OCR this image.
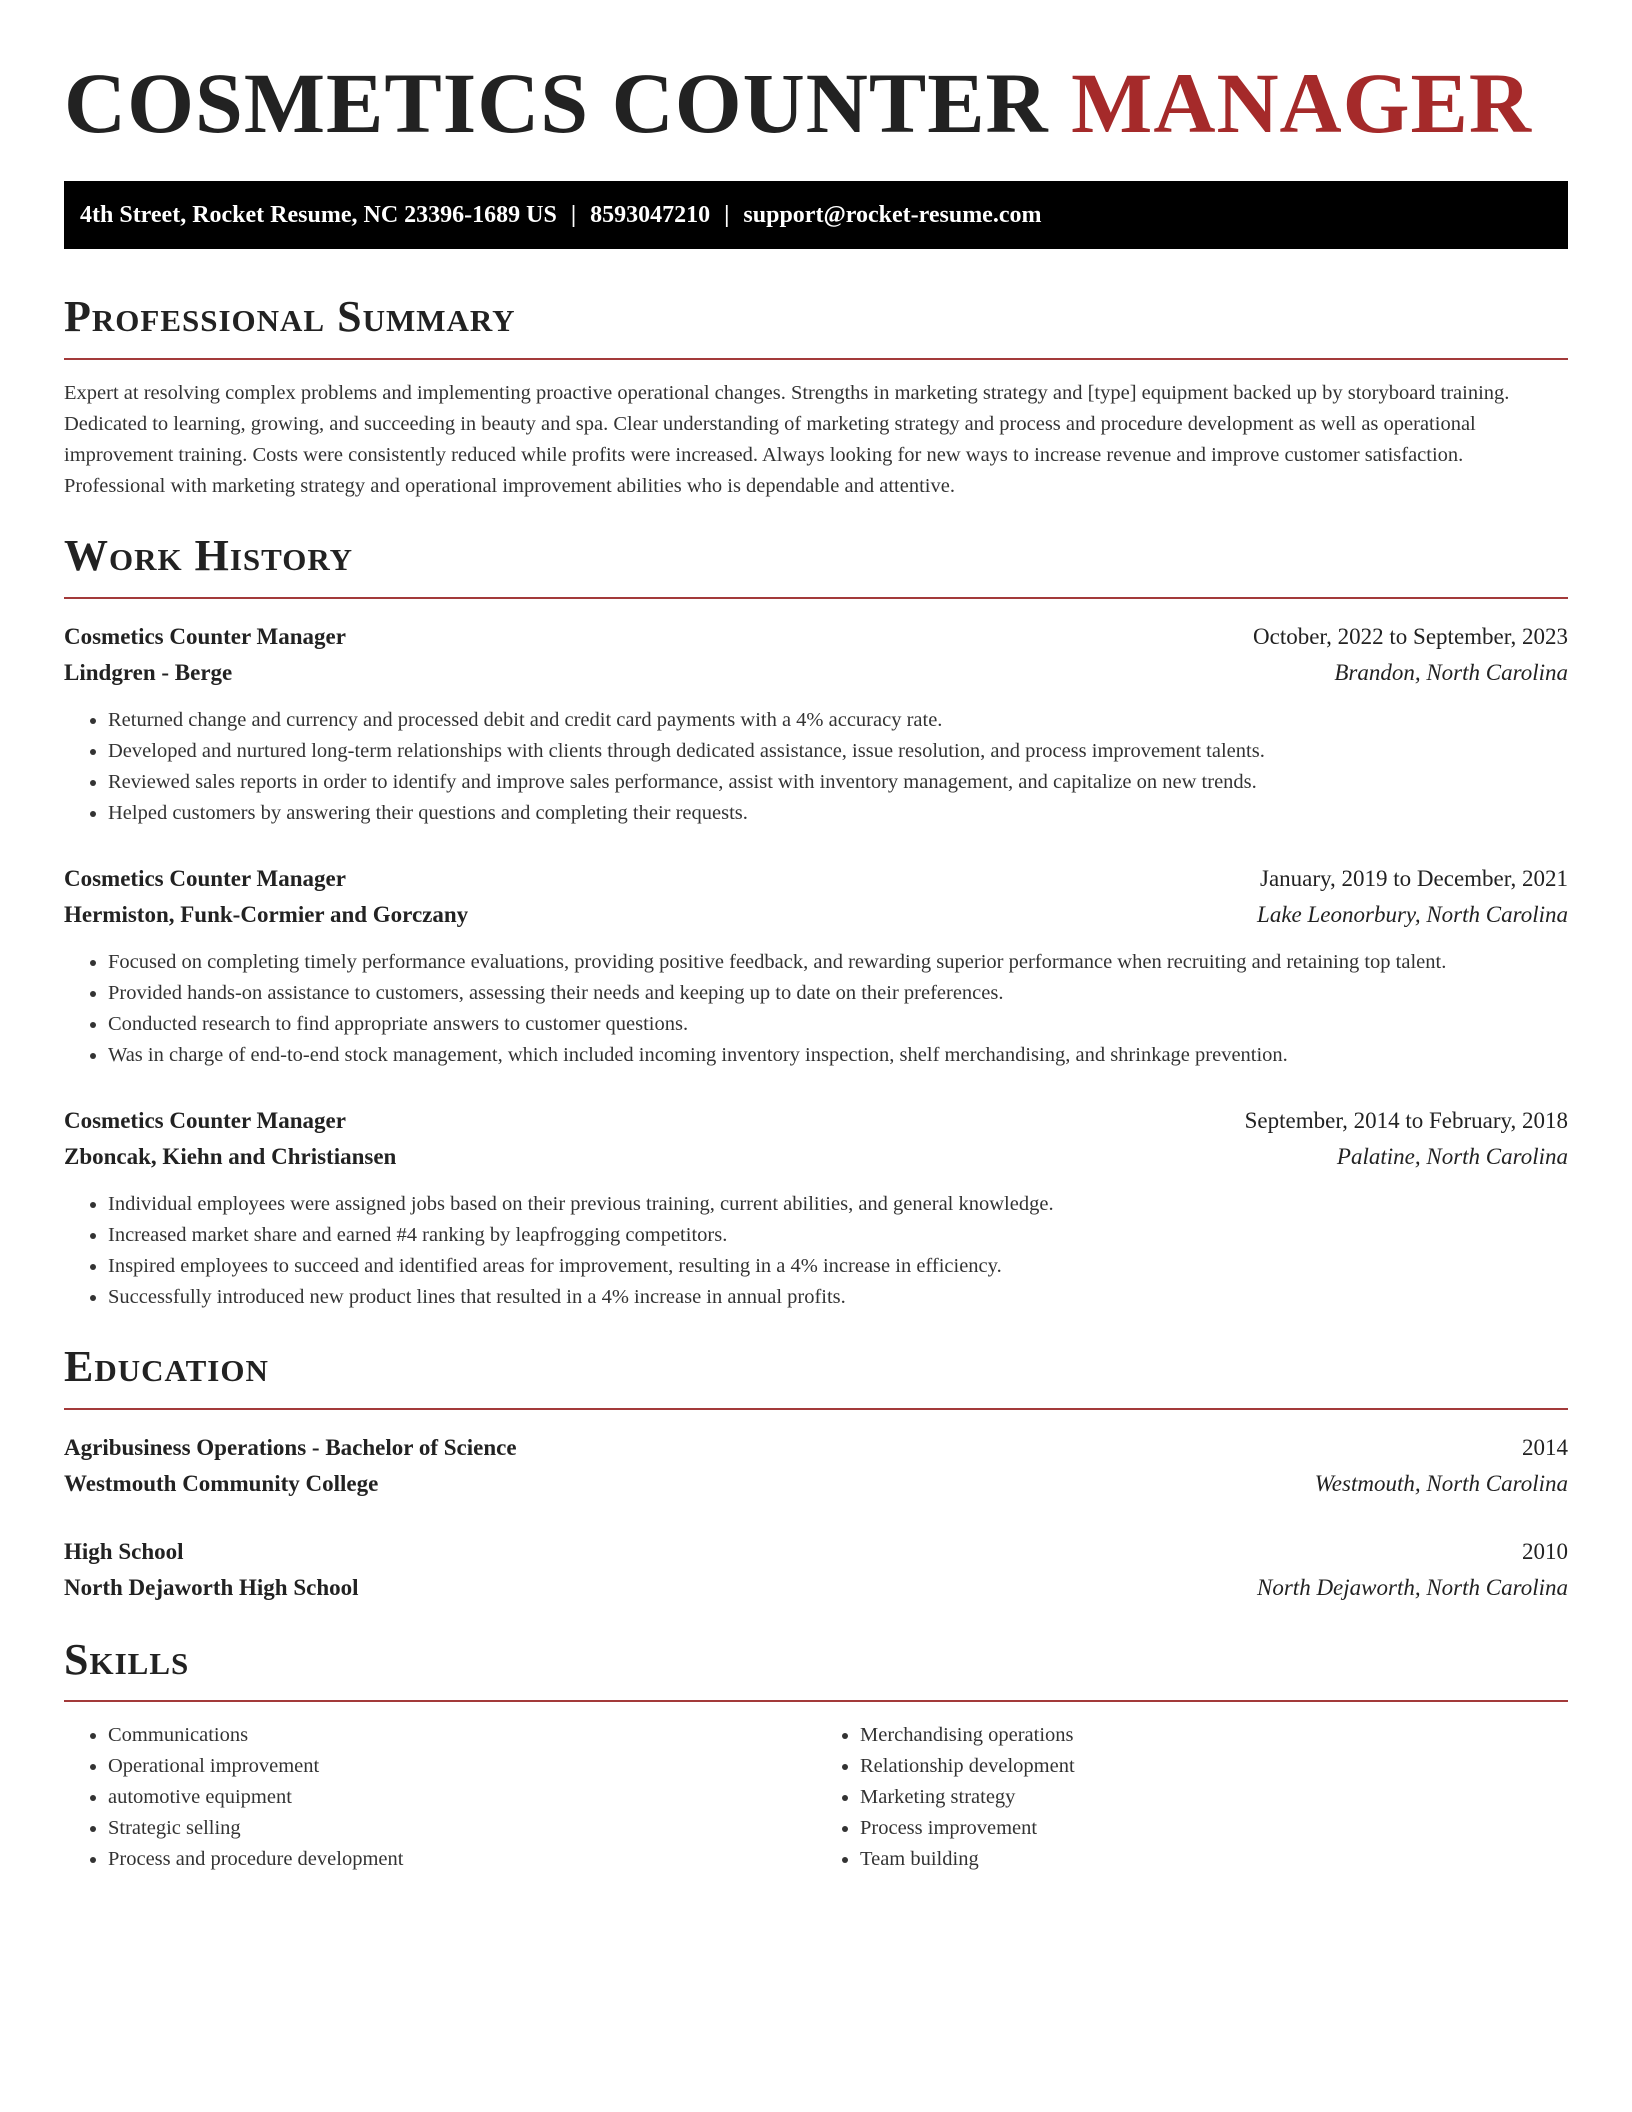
COSMETICS COUNTER MANAGER
4th Street, Rocket Resume, NC 23396-1689 US | 8593047210 | support@rocket-resume.com
Professional Summary

Expert at resolving complex problems and implementing proactive operational changes. Strengths in marketing strategy and [type] equipment backed up by storyboard training. Dedicated to learning, growing, and succeeding in beauty and spa. Clear understanding of marketing strategy and process and procedure development as well as operational improvement training. Costs were consistently reduced while profits were increased. Always looking for new ways to increase revenue and improve customer satisfaction. Professional with marketing strategy and operational improvement abilities who is dependable and attentive.

Work History
Cosmetics Counter Manager	October, 2022 to September, 2023
Lindgren - Berge	Brandon, North Carolina
• Returned change and currency and processed debit and credit card payments with a 4% accuracy rate.
• Developed and nurtured long-term relationships with clients through dedicated assistance, issue resolution, and process improvement talents.
• Reviewed sales reports in order to identify and improve sales performance, assist with inventory management, and capitalize on new trends.
• Helped customers by answering their questions and completing their requests.
Cosmetics Counter Manager	January, 2019 to December, 2021
Hermiston, Funk-Cormier and Gorczany	Lake Leonorbury, North Carolina
• Focused on completing timely performance evaluations, providing positive feedback, and rewarding superior performance when recruiting and retaining top talent.
• Provided hands-on assistance to customers, assessing their needs and keeping up to date on their preferences.
• Conducted research to find appropriate answers to customer questions.
• Was in charge of end-to-end stock management, which included incoming inventory inspection, shelf merchandising, and shrinkage prevention.
Cosmetics Counter Manager	September, 2014 to February, 2018
Zboncak, Kiehn and Christiansen	Palatine, North Carolina
• Individual employees were assigned jobs based on their previous training, current abilities, and general knowledge.
• Increased market share and earned #4 ranking by leapfrogging competitors.
• Inspired employees to succeed and identified areas for improvement, resulting in a 4% increase in efficiency.
• Successfully introduced new product lines that resulted in a 4% increase in annual profits.
Education
Agribusiness Operations - Bachelor of Science	2014
Westmouth Community College	Westmouth, North Carolina
High School	2010
North Dejaworth High School	North Dejaworth, North Carolina
Skills
• Communications
• Operational improvement
• automotive equipment
• Strategic selling
• Process and procedure development
• Merchandising operations
• Relationship development
• Marketing strategy
• Process improvement
• Team building
